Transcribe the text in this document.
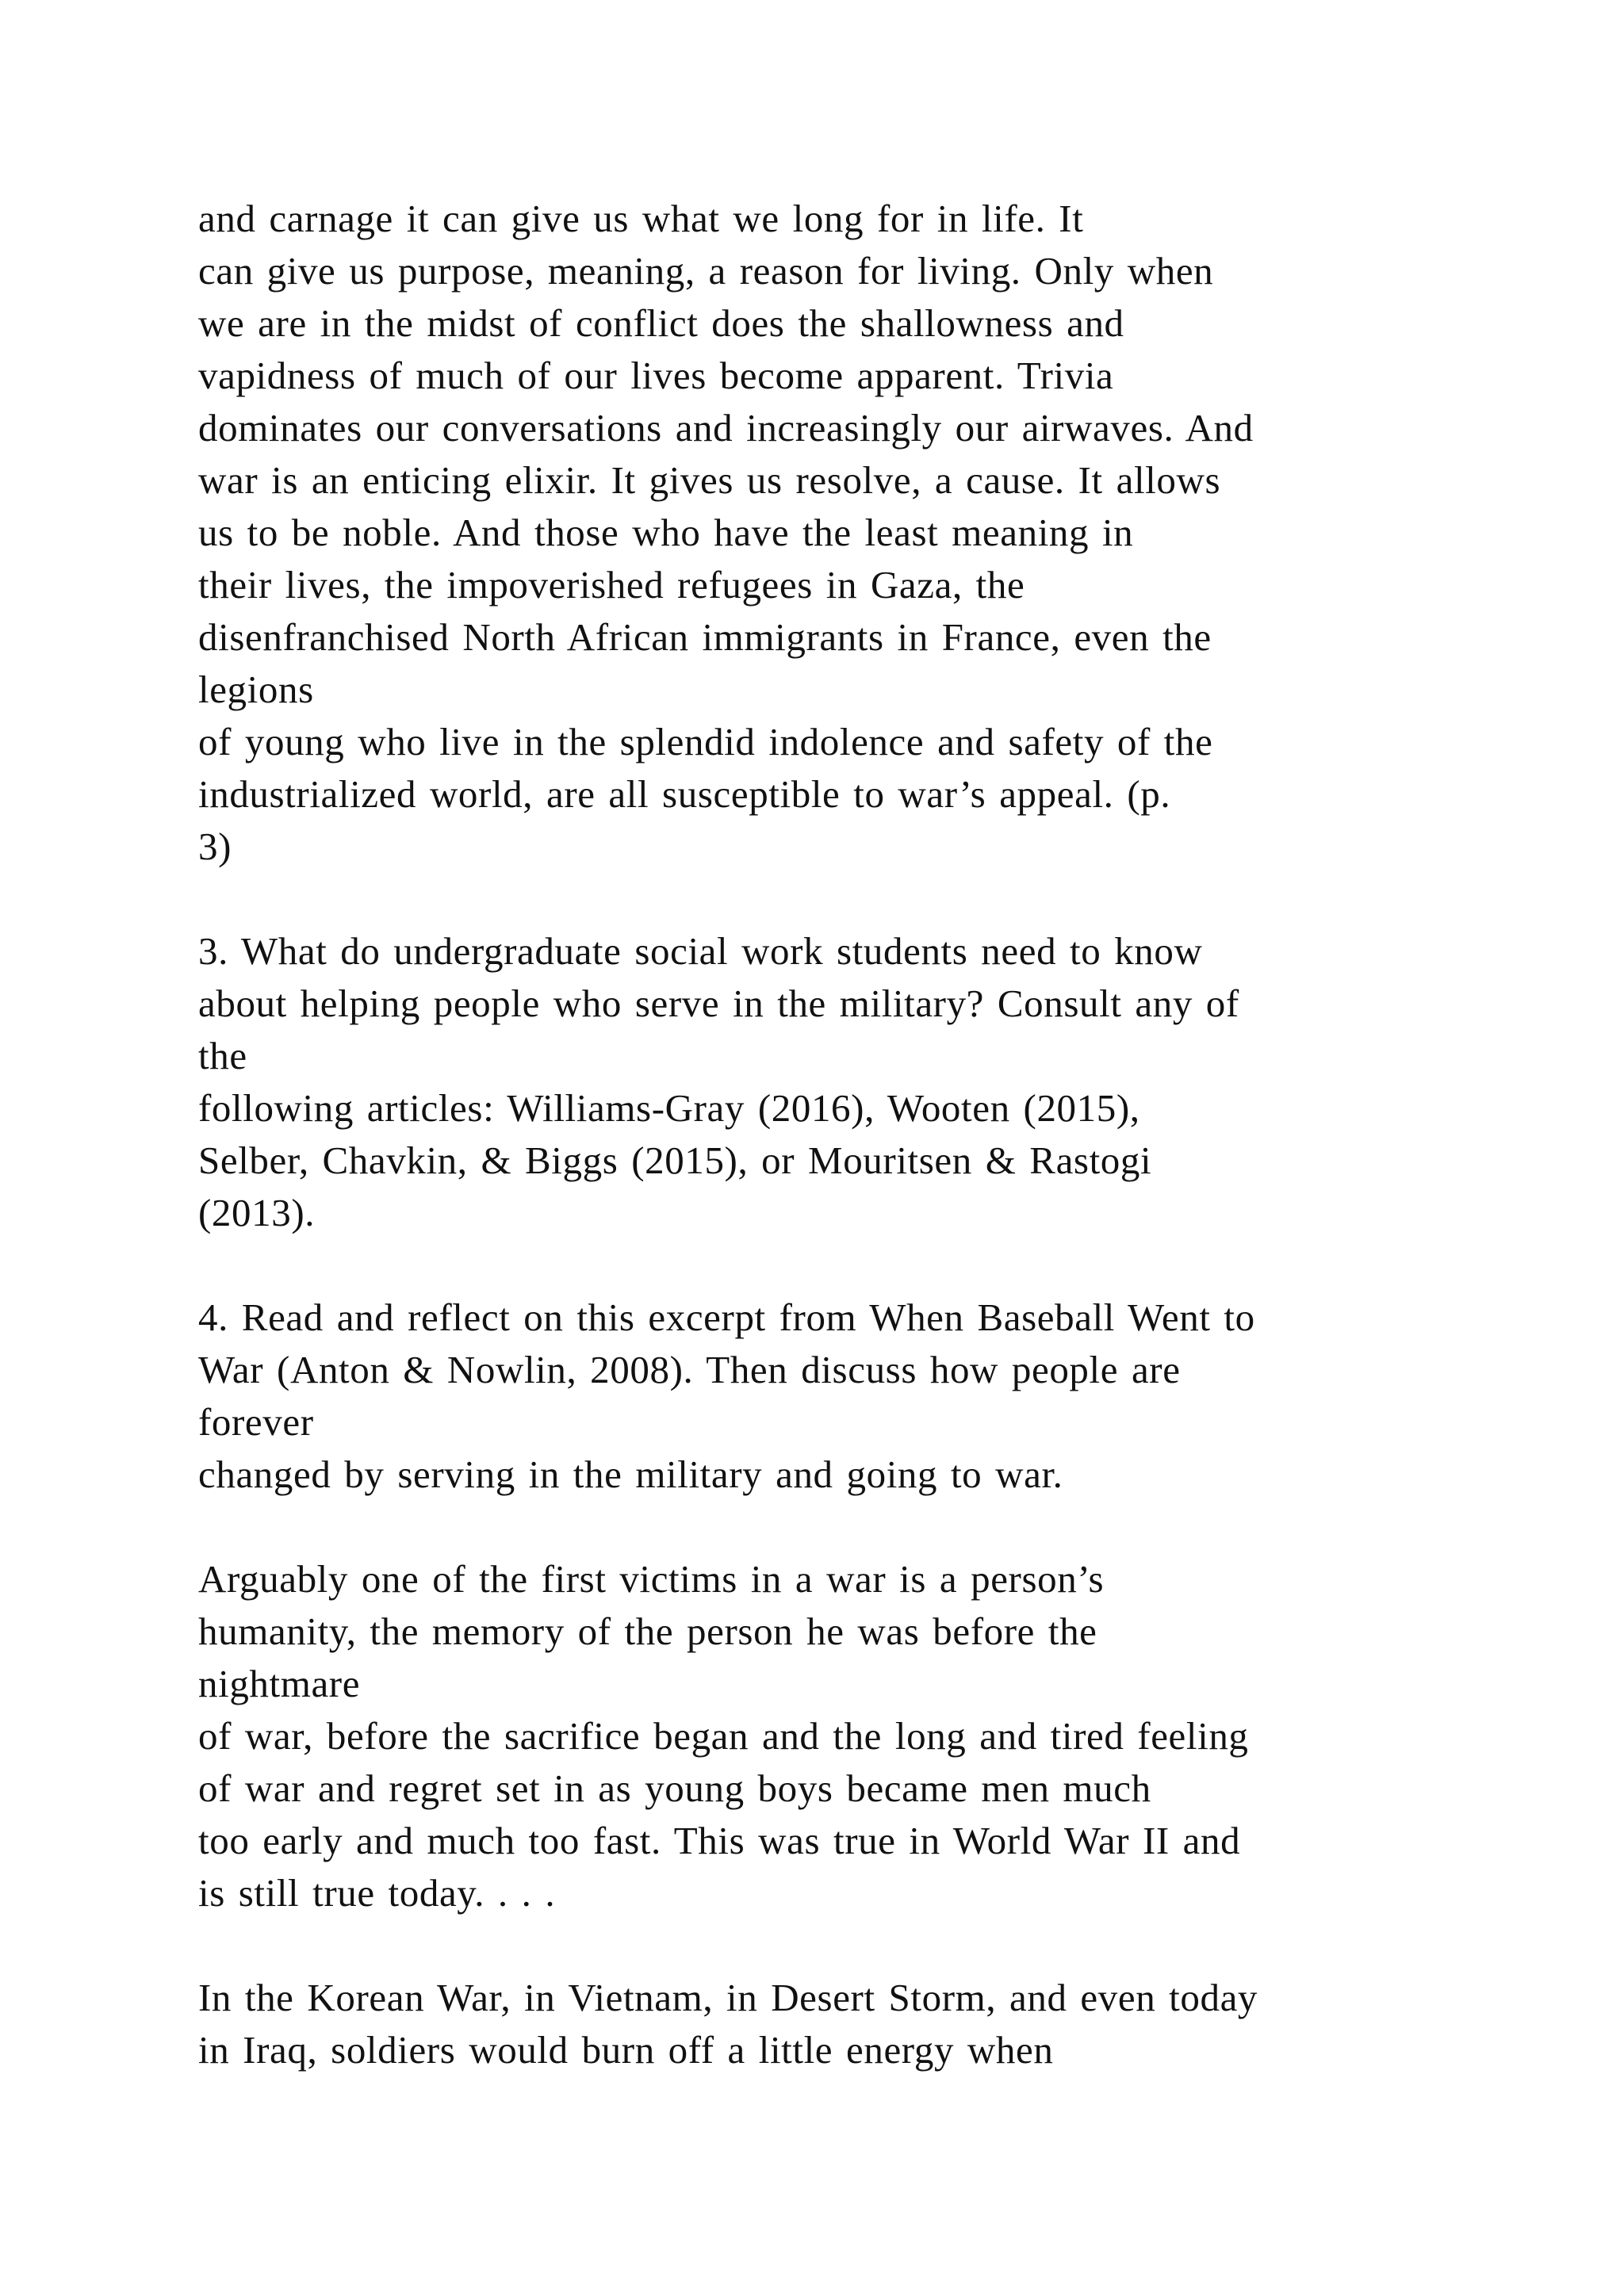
and carnage it can give us what we long for in life. It
can give us purpose, meaning, a reason for living. Only when
we are in the midst of conflict does the shallowness and
vapidness of much of our lives become apparent. Trivia
dominates our conversations and increasingly our airwaves. And
war is an enticing elixir. It gives us resolve, a cause. It allows
us to be noble. And those who have the least meaning in
their lives, the impoverished refugees in Gaza, the
disenfranchised North African immigrants in France, even the
legions
of young who live in the splendid indolence and safety of the
industrialized world, are all susceptible to war’s appeal. (p.
3)
3. What do undergraduate social work students need to know
about helping people who serve in the military? Consult any of
the
following articles: Williams-Gray (2016), Wooten (2015),
Selber, Chavkin, & Biggs (2015), or Mouritsen & Rastogi
(2013).
4. Read and reflect on this excerpt from When Baseball Went to
War (Anton & Nowlin, 2008). Then discuss how people are
forever
changed by serving in the military and going to war.
Arguably one of the first victims in a war is a person’s
humanity, the memory of the person he was before the
nightmare
of war, before the sacrifice began and the long and tired feeling
of war and regret set in as young boys became men much
too early and much too fast. This was true in World War II and
is still true today. . . .
In the Korean War, in Vietnam, in Desert Storm, and even today
in Iraq, soldiers would burn off a little energy when
